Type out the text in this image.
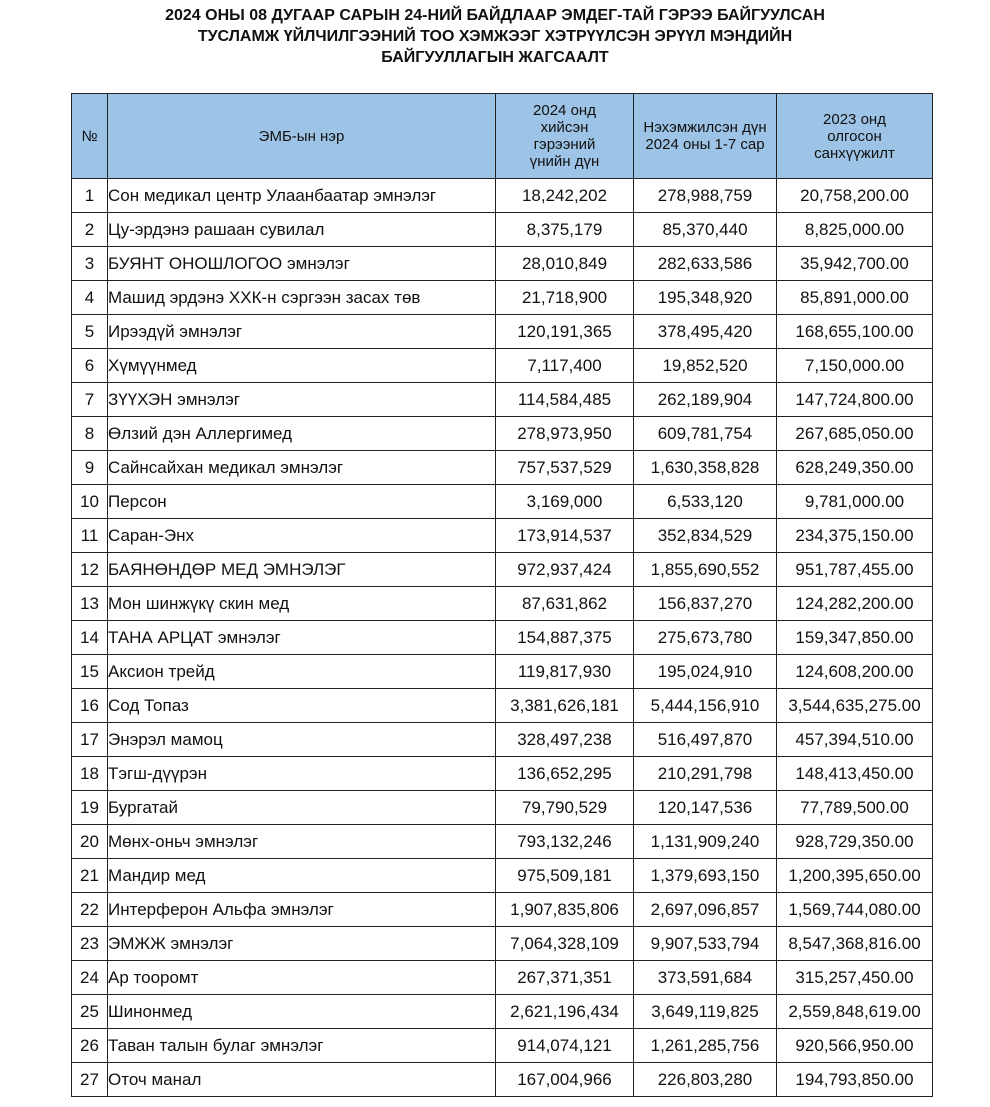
2024 ОНЫ 08 ДУГААР САРЫН 24-НИЙ БАЙДЛААР ЭМДЕГ-ТАЙ ГЭРЭЭ БАЙГУУЛСАН
ТУСЛАМЖ ҮЙЛЧИЛГЭЭНИЙ ТОО ХЭМЖЭЭГ ХЭТРҮҮЛСЭН ЭРҮҮЛ МЭНДИЙН
БАЙГУУЛЛАГЫН ЖАГСААЛТ
№	ЭМБ-ын нэр	2024 онд хийсэн гэрээний үнийн дүн	Нэхэмжилсэн дүн 2024 оны 1-7 сар	2023 онд олгосон санхүүжилт

1	Сон медикал центр Улаанбаатар эмнэлэг	18,242,202	278,988,759	20,758,200.00
2	Цу-эрдэнэ рашаан сувилал	8,375,179	85,370,440	8,825,000.00
3	БУЯНТ ОНОШЛОГОО эмнэлэг	28,010,849	282,633,586	35,942,700.00
4	Машид эрдэнэ ХХК-н сэргээн засах төв	21,718,900	195,348,920	85,891,000.00
5	Ирээдүй эмнэлэг	120,191,365	378,495,420	168,655,100.00
6	Хүмүүнмед	7,117,400	19,852,520	7,150,000.00
7	ЗҮҮХЭН эмнэлэг	114,584,485	262,189,904	147,724,800.00
8	Өлзий дэн Аллергимед	278,973,950	609,781,754	267,685,050.00
9	Сайнсайхан медикал эмнэлэг	757,537,529	1,630,358,828	628,249,350.00
10	Персон	3,169,000	6,533,120	9,781,000.00
11	Саран-Энх	173,914,537	352,834,529	234,375,150.00
12	БАЯНӨНДӨР МЕД ЭМНЭЛЭГ	972,937,424	1,855,690,552	951,787,455.00
13	Мон шинжүкү скин мед	87,631,862	156,837,270	124,282,200.00
14	ТАНА АРЦАТ эмнэлэг	154,887,375	275,673,780	159,347,850.00
15	Аксион трейд	119,817,930	195,024,910	124,608,200.00
16	Сод Топаз	3,381,626,181	5,444,156,910	3,544,635,275.00
17	Энэрэл мамоц	328,497,238	516,497,870	457,394,510.00
18	Тэгш-дүүрэн	136,652,295	210,291,798	148,413,450.00
19	Бургатай	79,790,529	120,147,536	77,789,500.00
20	Мөнх-оньч эмнэлэг	793,132,246	1,131,909,240	928,729,350.00
21	Мандир мед	975,509,181	1,379,693,150	1,200,395,650.00
22	Интерферон Альфа эмнэлэг	1,907,835,806	2,697,096,857	1,569,744,080.00
23	ЭМЖЖ эмнэлэг	7,064,328,109	9,907,533,794	8,547,368,816.00
24	Ар тооромт	267,371,351	373,591,684	315,257,450.00
25	Шинонмед	2,621,196,434	3,649,119,825	2,559,848,619.00
26	Таван талын булаг эмнэлэг	914,074,121	1,261,285,756	920,566,950.00
27	Оточ манал	167,004,966	226,803,280	194,793,850.00
